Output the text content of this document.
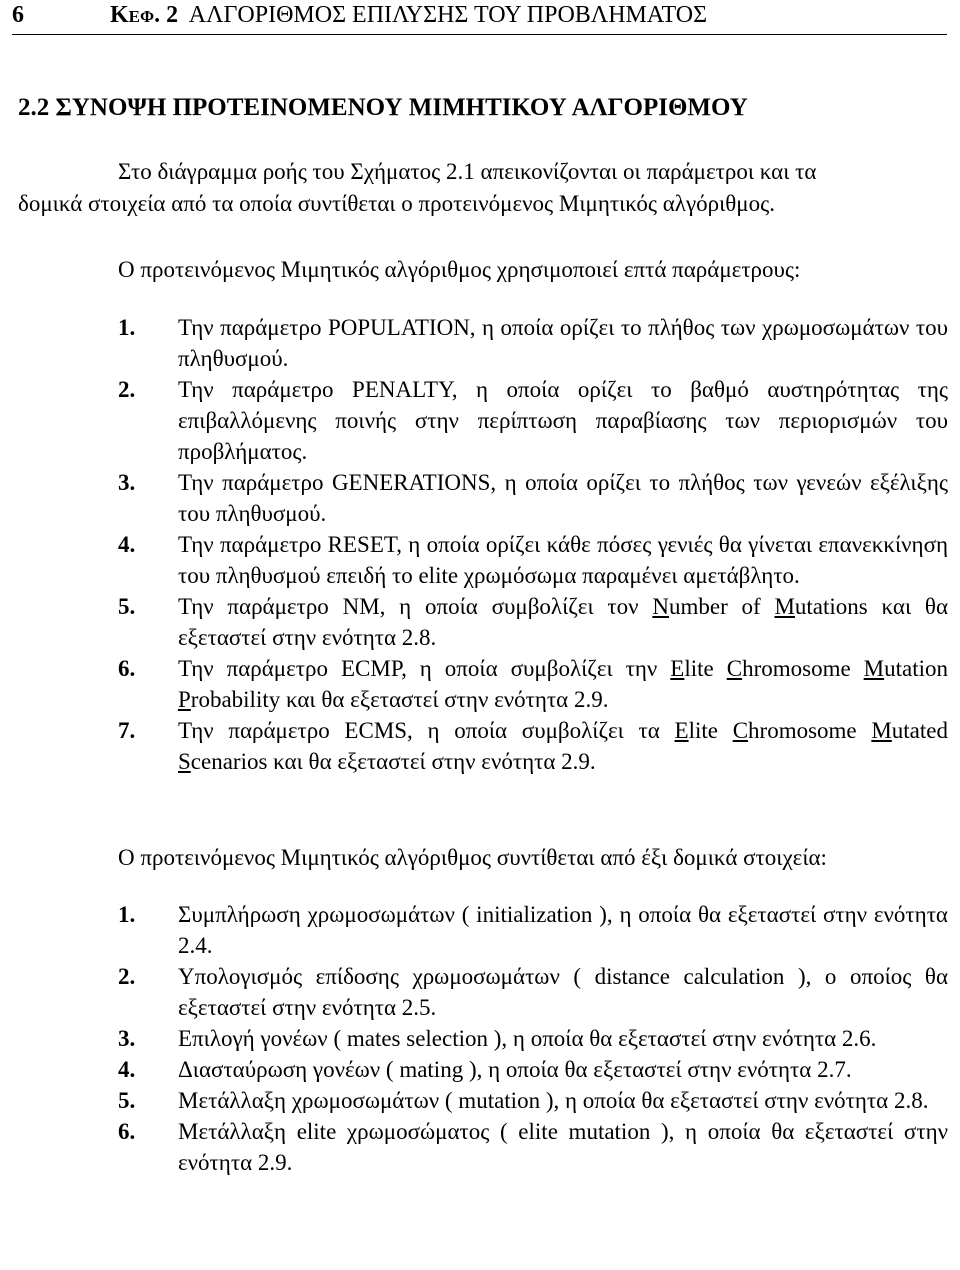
6	Κεφ. 2 ΑΛΓΟΡΙΘΜΟΣ ΕΠΙΛΥΣΗΣ ΤΟΥ ΠΡΟΒΛΗΜΑΤΟΣ
2.2 ΣΥΝΟΨΗ ΠΡΟΤΕΙΝΟΜΕΝΟΥ ΜΙΜΗΤΙΚΟΥ ΑΛΓΟΡΙΘΜΟΥ
Στο διάγραμμα ροής του Σχήματος 2.1 απεικονίζονται οι παράμετροι και τα
δομικά στοιχεία από τα οποία συντίθεται ο προτεινόμενος Μιμητικός αλγόριθμος.
Ο προτεινόμενος Μιμητικός αλγόριθμος χρησιμοποιεί επτά παράμετρους:
1.	Την παράμετρο POPULATION, η οποία ορίζει το πλήθος των χρωμοσωμάτων του πληθυσμού.
2.	Την παράμετρο PENALTY, η οποία ορίζει το βαθμό αυστηρότητας της επιβαλλόμενης ποινής στην περίπτωση παραβίασης των περιορισμών του προβλήματος.
3.	Την παράμετρο GENERATIONS, η οποία ορίζει το πλήθος των γενεών εξέλιξης του πληθυσμού.
4.	Την παράμετρο RESET, η οποία ορίζει κάθε πόσες γενιές θα γίνεται επανεκκίνηση του πληθυσμού επειδή το elite χρωμόσωμα παραμένει αμετάβλητο.
5.	Την παράμετρο NM, η οποία συμβολίζει τον Number of Mutations και θα εξεταστεί στην ενότητα 2.8.
6.	Την παράμετρο ECMP, η οποία συμβολίζει την Elite Chromosome Mutation Probability και θα εξεταστεί στην ενότητα 2.9.
7.	Την παράμετρο ECMS, η οποία συμβολίζει τα Elite Chromosome Mutated Scenarios και θα εξεταστεί στην ενότητα 2.9.
Ο προτεινόμενος Μιμητικός αλγόριθμος συντίθεται από έξι δομικά στοιχεία:
1.	Συμπλήρωση χρωμοσωμάτων ( initialization ), η οποία θα εξεταστεί στην ενότητα 2.4.
2.	Υπολογισμός επίδοσης χρωμοσωμάτων ( distance calculation ), ο οποίος θα εξεταστεί στην ενότητα 2.5.
3.	Επιλογή γονέων ( mates selection ), η οποία θα εξεταστεί στην ενότητα 2.6.
4.	Διασταύρωση γονέων ( mating ), η οποία θα εξεταστεί στην ενότητα 2.7.
5.	Μετάλλαξη χρωμοσωμάτων ( mutation ), η οποία θα εξεταστεί στην ενότητα 2.8.
6.	Μετάλλαξη elite χρωμοσώματος ( elite mutation ), η οποία θα εξεταστεί στην ενότητα 2.9.
